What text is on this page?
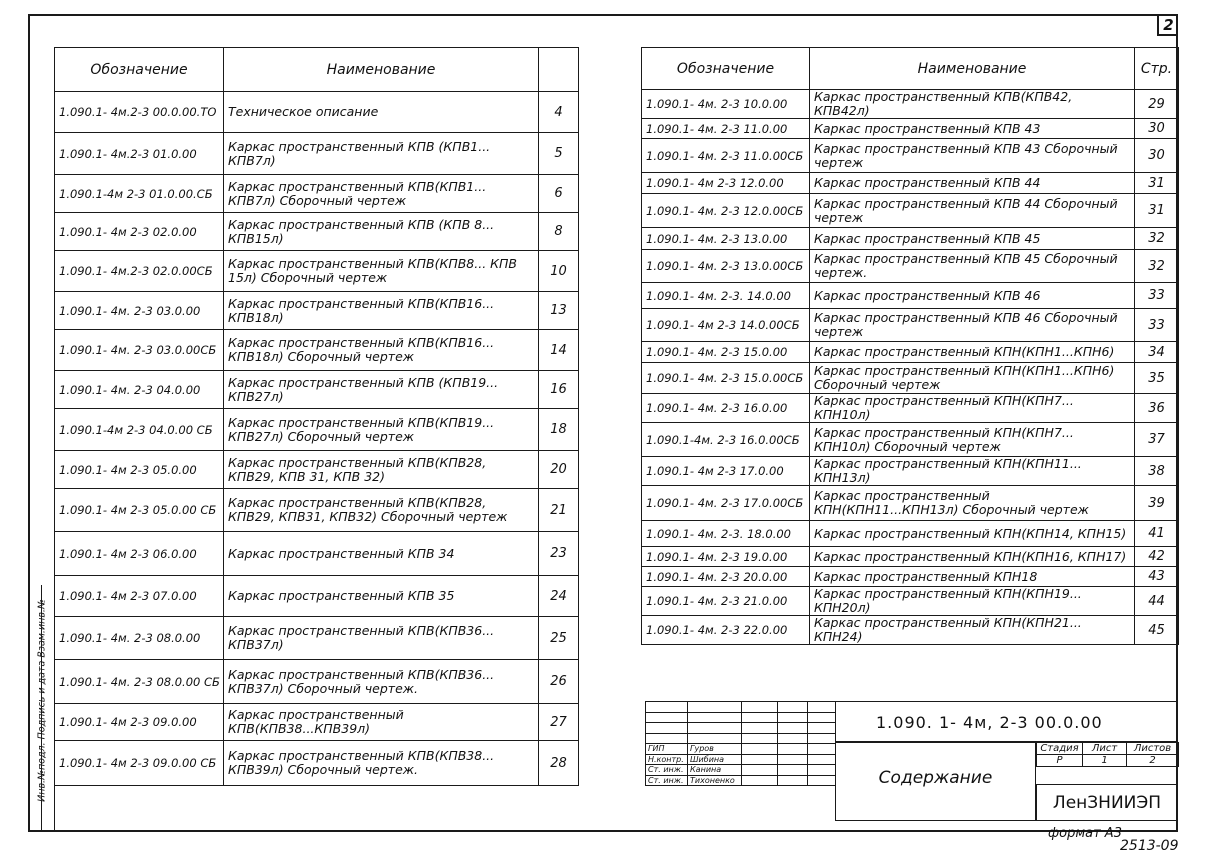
2
Инв.№подл. Подпись и дата Взам.инв.№
Обозначение	Наименование	
1.090.1- 4м.2-3 00.0.00.ТО	Техническое описание	4
1.090.1- 4м.2-3 01.0.00	Каркас пространственный КПВ (КПВ1... КПВ7л)	5
1.090.1-4м 2-3 01.0.00.СБ	Каркас пространственный КПВ(КПВ1... КПВ7л) Сборочный чертеж	6
1.090.1- 4м 2-3 02.0.00	Каркас пространственный КПВ (КПВ 8... КПВ15л)	8
1.090.1- 4м.2-3 02.0.00СБ	Каркас пространственный КПВ(КПВ8... КПВ 15л) Сборочный чертеж	10
1.090.1- 4м. 2-3 03.0.00	Каркас пространственный КПВ(КПВ16... КПВ18л)	13
1.090.1- 4м. 2-3 03.0.00СБ	Каркас пространственный КПВ(КПВ16... КПВ18л) Сборочный чертеж	14
1.090.1- 4м. 2-3 04.0.00	Каркас пространственный КПВ (КПВ19... КПВ27л)	16
1.090.1-4м 2-3 04.0.00 СБ	Каркас пространственный КПВ(КПВ19... КПВ27л) Сборочный чертеж	18
1.090.1- 4м 2-3 05.0.00	Каркас пространственный КПВ(КПВ28, КПВ29, КПВ 31, КПВ 32)	20
1.090.1- 4м 2-3 05.0.00 СБ	Каркас пространственный КПВ(КПВ28, КПВ29, КПВ31, КПВ32) Сборочный чертеж	21
1.090.1- 4м 2-3 06.0.00	Каркас пространственный КПВ 34	23
1.090.1- 4м 2-3 07.0.00	Каркас пространственный КПВ 35	24
1.090.1- 4м. 2-3 08.0.00	Каркас пространственный КПВ(КПВ36... КПВ37л)	25
1.090.1- 4м. 2-3 08.0.00 СБ	Каркас пространственный КПВ(КПВ36... КПВ37л) Сборочный чертеж.	26
1.090.1- 4м 2-3 09.0.00	Каркас пространственный КПВ(КПВ38...КПВ39л)	27
1.090.1- 4м 2-3 09.0.00 СБ	Каркас пространственный КПВ(КПВ38... КПВ39л) Сборочный чертеж.	28
Обозначение	Наименование	Стр.
1.090.1- 4м. 2-3 10.0.00	Каркас пространственный КПВ(КПВ42, КПВ42л)	29
1.090.1- 4м. 2-3 11.0.00	Каркас пространственный КПВ 43	30
1.090.1- 4м. 2-3 11.0.00СБ	Каркас пространственный КПВ 43 Сборочный чертеж	30
1.090.1- 4м 2-3 12.0.00	Каркас пространственный КПВ 44	31
1.090.1- 4м. 2-3 12.0.00СБ	Каркас пространственный КПВ 44 Сборочный чертеж	31
1.090.1- 4м. 2-3 13.0.00	Каркас пространственный КПВ 45	32
1.090.1- 4м. 2-3 13.0.00СБ	Каркас пространственный КПВ 45 Сборочный чертеж.	32
1.090.1- 4м. 2-3. 14.0.00	Каркас пространственный КПВ 46	33
1.090.1- 4м 2-3 14.0.00СБ	Каркас пространственный КПВ 46 Сборочный чертеж	33
1.090.1- 4м. 2-3 15.0.00	Каркас пространственный КПН(КПН1...КПН6)	34
1.090.1- 4м. 2-3 15.0.00СБ	Каркас пространственный КПН(КПН1...КПН6) Сборочный чертеж	35
1.090.1- 4м. 2-3 16.0.00	Каркас пространственный КПН(КПН7... КПН10л)	36
1.090.1-4м. 2-3 16.0.00СБ	Каркас пространственный КПН(КПН7... КПН10л) Сборочный чертеж	37
1.090.1- 4м 2-3 17.0.00	Каркас пространственный КПН(КПН11... КПН13л)	38
1.090.1- 4м. 2-3 17.0.00СБ	Каркас пространственный КПН(КПН11...КПН13л) Сборочный чертеж	39
1.090.1- 4м. 2-3. 18.0.00	Каркас пространственный КПН(КПН14, КПН15)	41
1.090.1- 4м. 2-3 19.0.00	Каркас пространственный КПН(КПН16, КПН17)	42
1.090.1- 4м. 2-3 20.0.00	Каркас пространственный КПН18	43
1.090.1- 4м. 2-3 21.0.00	Каркас пространственный КПН(КПН19... КПН20л)	44
1.090.1- 4м. 2-3 22.0.00	Каркас пространственный КПН(КПН21... КПН24)	45

ГИП	Гуров			
Н.контр.	Шибина			
Ст. инж.	Канина			
Ст. инж.	Тихоненко			
1.090. 1- 4м, 2-3 00.0.00
Содержание
Стадия	Лист	Листов
Р	1	2
ЛенЗНИИЭП
формат А3
2513-09
